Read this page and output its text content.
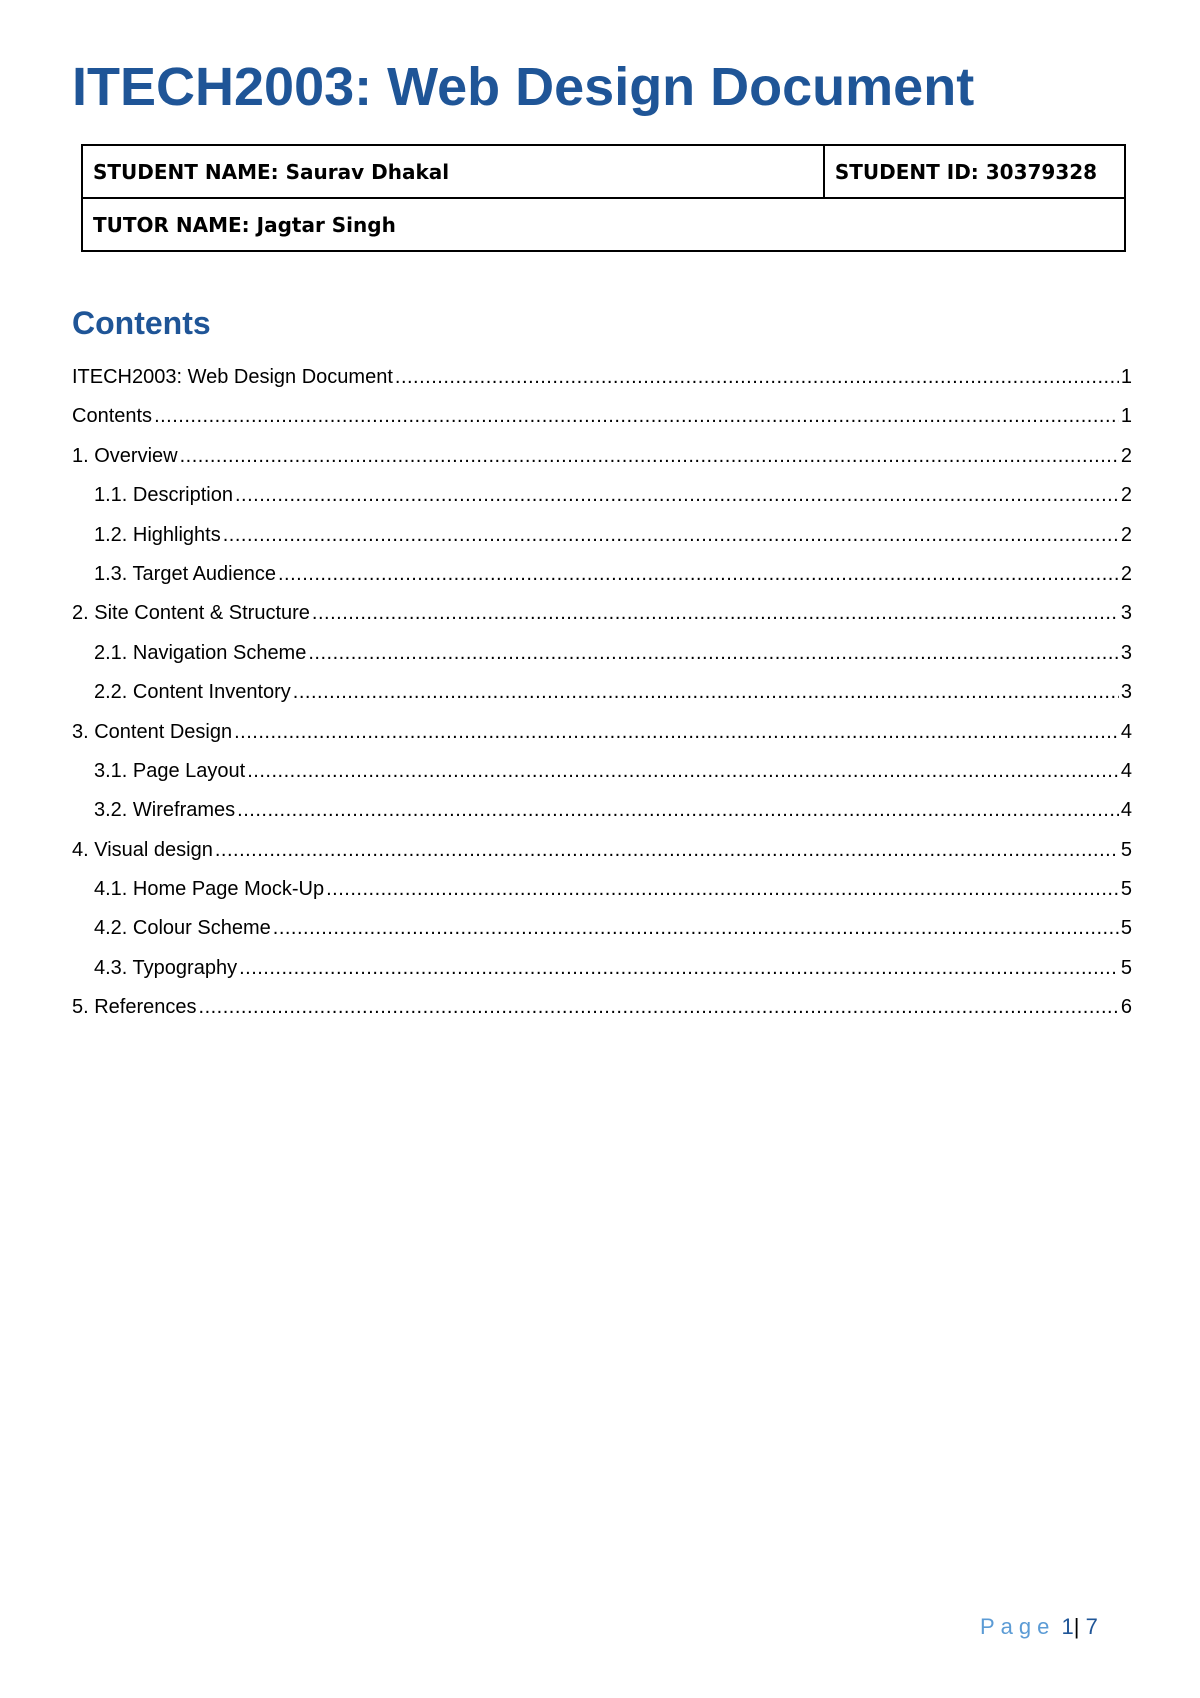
ITECH2003: Web Design Document
STUDENT NAME: Saurav Dhakal	STUDENT ID: 30379328
TUTOR NAME: Jagtar Singh
Contents
ITECH2003: Web Design Document .....	1
Contents .....	1
1. Overview .....	2
1.1. Description .....	2
1.2. Highlights .....	2
1.3. Target Audience .....	2
2. Site Content & Structure .....	3
2.1. Navigation Scheme .....	3
2.2. Content Inventory .....	3
3. Content Design .....	4
3.1. Page Layout .....	4
3.2. Wireframes .....	4
4. Visual design .....	5
4.1. Home Page Mock-Up .....	5
4.2. Colour Scheme .....	5
4.3. Typography .....	5
5. References .....	6
Page 1| 7
